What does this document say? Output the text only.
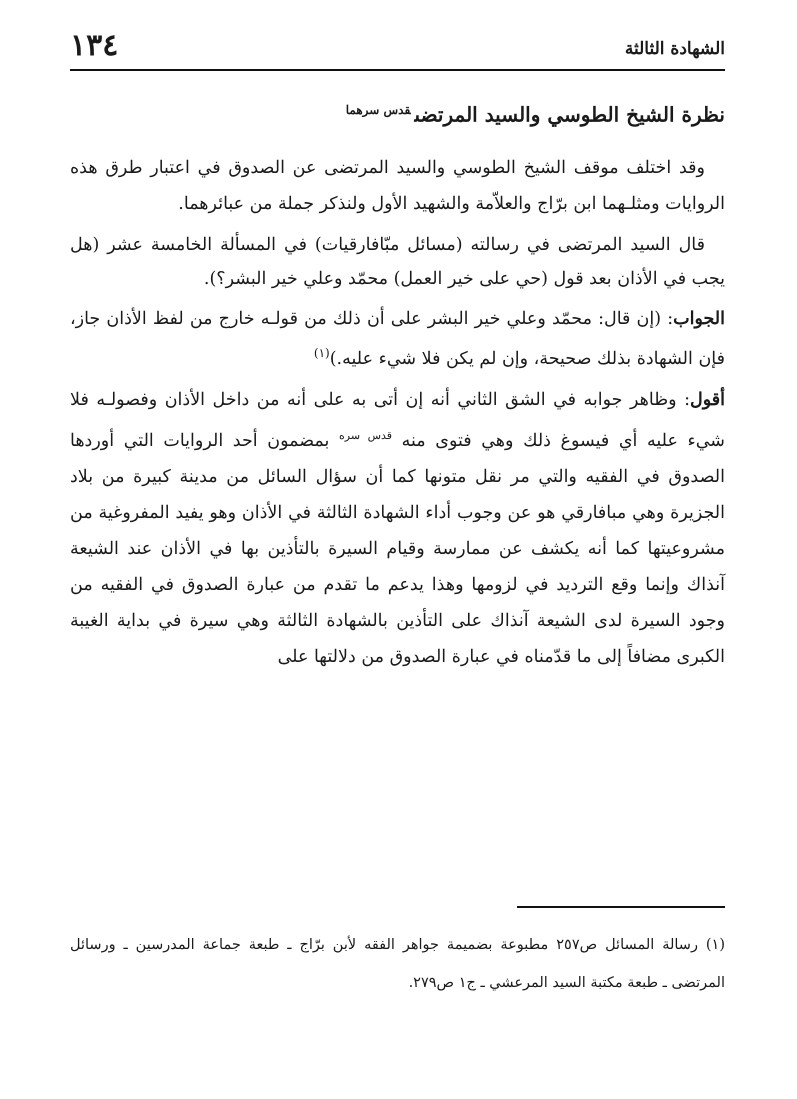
الشهادة الثالثة
١٣٤
نظرة الشيخ الطوسي والسيد المرتضى$^{قدس سرهما}$

وقد اختلف موقف الشيخ الطوسي والسيد المرتضى عن الصدوق في اعتبار طرق هذه الروايات ومثلـهما ابن برّاج والعلاّمة والشهيد الأول ولنذكر جملة من عبائرهما.

قال السيد المرتضى في رسالته (مسائل مبّافارقيات) في المسألة الخامسة عشر (هل يجب في الأذان بعد قول (حي على خير العمل) محمّد وعلي خير البشر؟).

الجواب: (إن قال: محمّد وعلي خير البشر على أن ذلك من قولـه خارج من لفظ الأذان جاز، فإن الشهادة بذلك صحيحة، وإن لم يكن فلا شيء عليه.)$^{(١)}$

أقول: وظاهر جوابه في الشق الثاني أنه إن أتى به على أنه من داخل الأذان وفصولـه فلا شيء عليه أي فيسوغ ذلك وهي فتوى منه $^{قدس سره}$ بمضمون أحد الروايات التي أوردها الصدوق في الفقيه والتي مر نقل متونها كما أن سؤال السائل من مدينة كبيرة من بلاد الجزيرة وهي مبافارقي هو عن وجوب أداء الشهادة الثالثة في الأذان وهو يفيد المفروغية من مشروعيتها كما أنه يكشف عن ممارسة وقيام السيرة بالتأذين بها في الأذان عند الشيعة آنذاك وإنما وقع الترديد في لزومها وهذا يدعم ما تقدم من عبارة الصدوق في الفقيه من وجود السيرة لدى الشيعة آنذاك على التأذين بالشهادة الثالثة وهي سيرة في بداية الغيبة الكبرى مضافاً إلى ما قدّمناه في عبارة الصدوق من دلالتها على

(١) رسالة المسائل ص٢٥٧ مطبوعة بضميمة جواهر الفقه لأبن برّاج ـ طبعة جماعة المدرسين ـ ورسائل المرتضى ـ طبعة مكتبة السيد المرعشي ـ ج١ ص٢٧٩.
